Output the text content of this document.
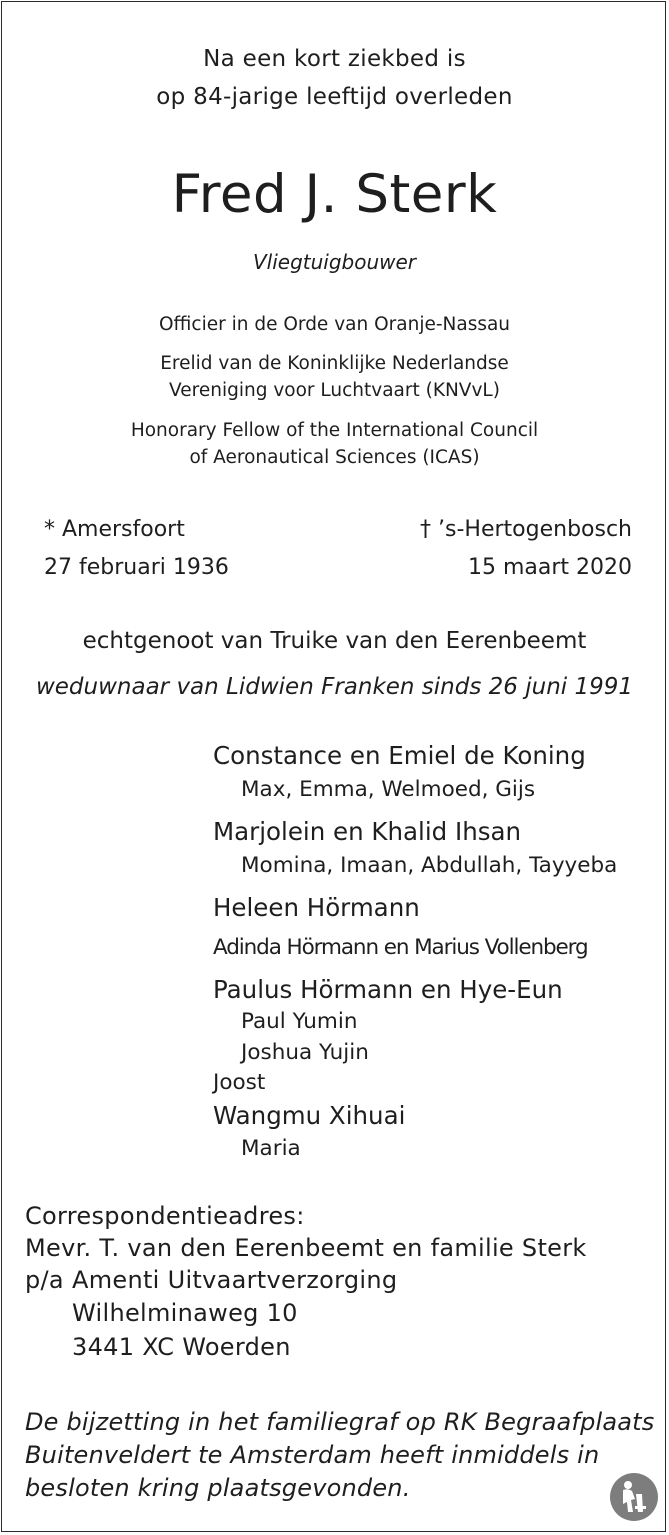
Na een kort ziekbed is
op 84-jarige leeftijd overleden
Fred J. Sterk
Vliegtuigbouwer
Officier in de Orde van Oranje-Nassau
Erelid van de Koninklijke Nederlandse
Vereniging voor Luchtvaart (KNVvL)
Honorary Fellow of the International Council
of Aeronautical Sciences (ICAS)
* Amersfoort
27 februari 1936
† ’s-Hertogenbosch
15 maart 2020
echtgenoot van Truike van den Eerenbeemt
weduwnaar van Lidwien Franken sinds 26 juni 1991
Constance en Emiel de Koning
Max, Emma, Welmoed, Gijs
Marjolein en Khalid Ihsan
Momina, Imaan, Abdullah, Tayyeba
Heleen Hörmann
Adinda Hörmann en Marius Vollenberg
Paulus Hörmann en Hye-Eun
Paul Yumin
Joshua Yujin
Joost
Wangmu Xihuai
Maria
Correspondentieadres:
Mevr. T. van den Eerenbeemt en familie Sterk
p/a Amenti Uitvaartverzorging
Wilhelminaweg 10
3441 XC Woerden
De bijzetting in het familiegraf op RK Begraafplaats
Buitenveldert te Amsterdam heeft inmiddels in
besloten kring plaatsgevonden.
